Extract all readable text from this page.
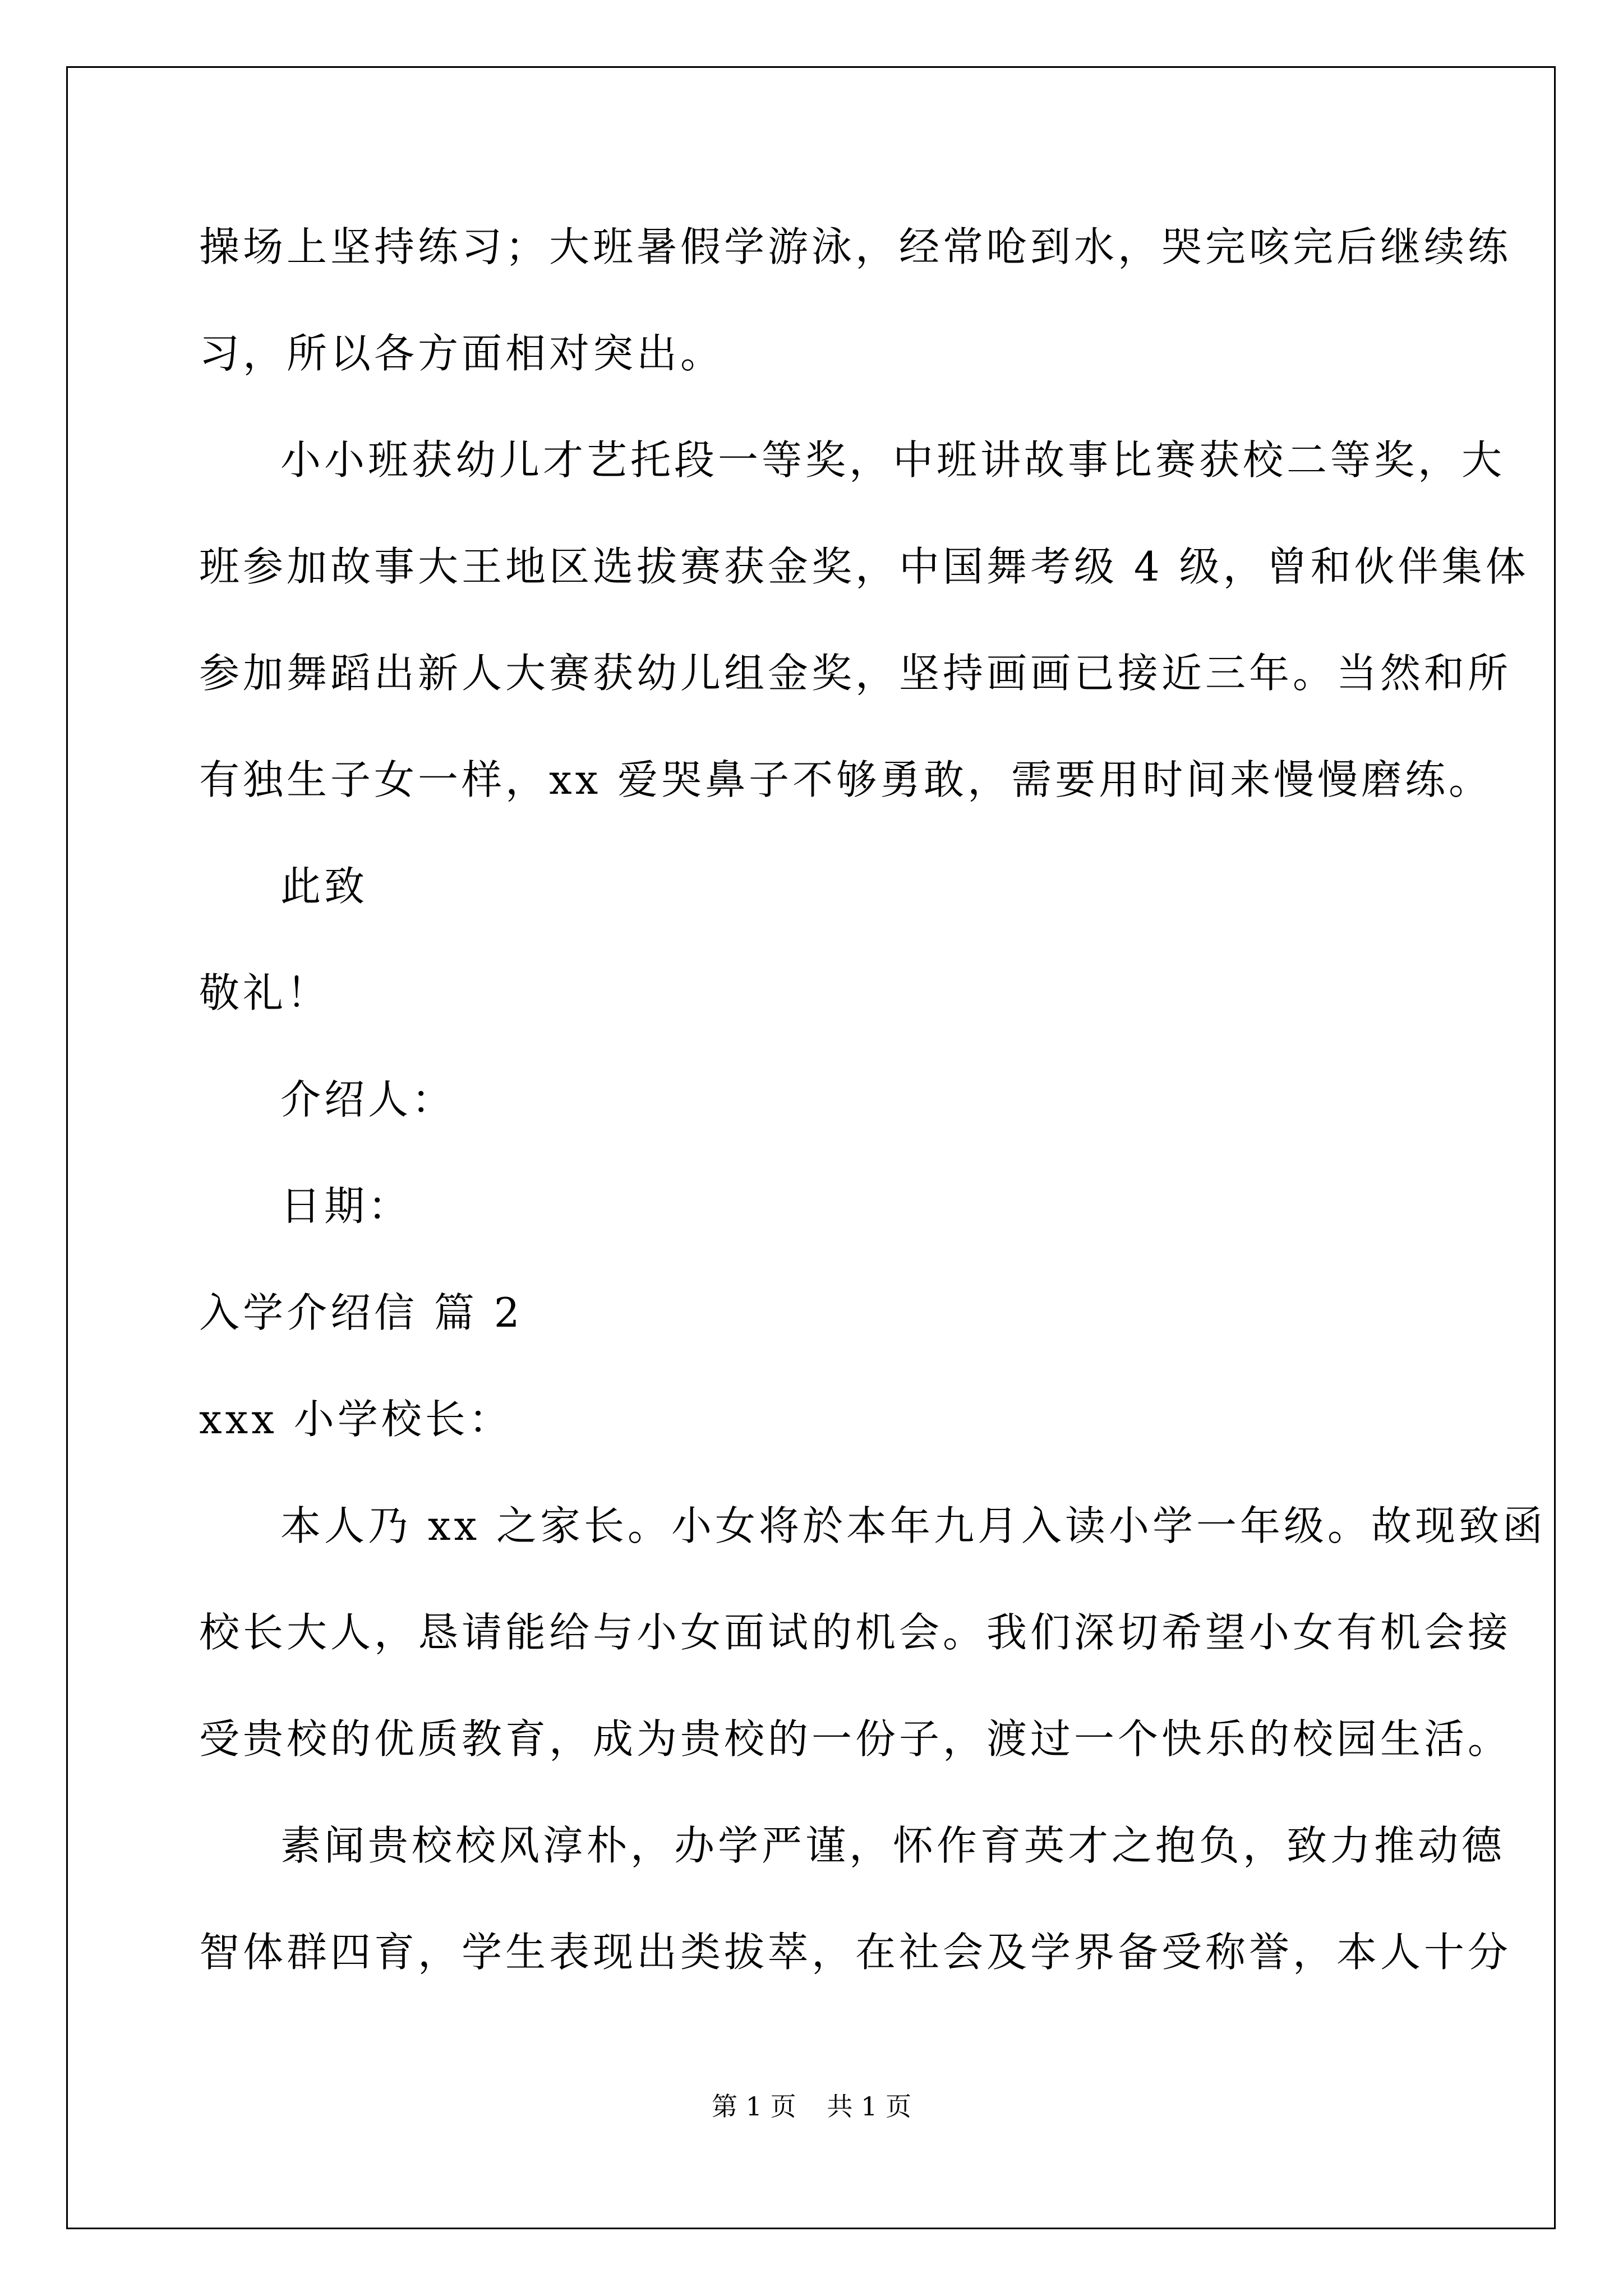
操场上坚持练习；大班暑假学游泳，经常呛到水，哭完咳完后继续练
习，所以各方面相对突出。
小小班获幼儿才艺托段一等奖，中班讲故事比赛获校二等奖，大
班参加故事大王地区选拔赛获金奖，中国舞考级 4 级，曾和伙伴集体
参加舞蹈出新人大赛获幼儿组金奖，坚持画画已接近三年。当然和所
有独生子女一样，xx 爱哭鼻子不够勇敢，需要用时间来慢慢磨练。
此致
敬礼！
介绍人：
日期：
入学介绍信 篇 2
xxx 小学校长：
本人乃 xx 之家长。小女将於本年九月入读小学一年级。故现致函
校长大人，恳请能给与小女面试的机会。我们深切希望小女有机会接
受贵校的优质教育，成为贵校的一份子，渡过一个快乐的校园生活。
素闻贵校校风淳朴，办学严谨，怀作育英才之抱负，致力推动德
智体群四育，学生表现出类拔萃，在社会及学界备受称誉，本人十分
第 1 页 共 1 页
